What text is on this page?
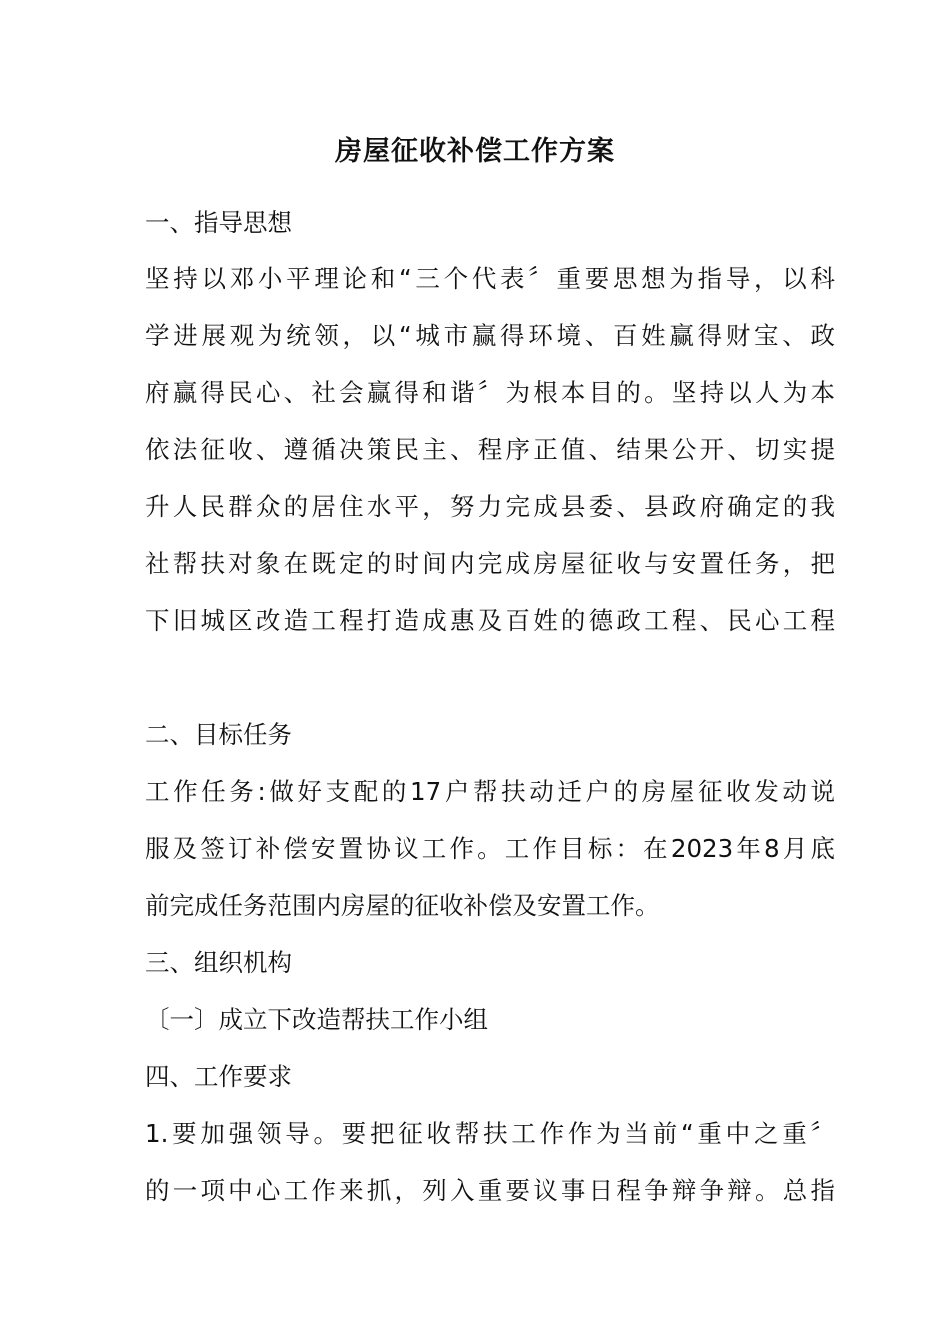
房屋征收补偿工作方案

一、指导思想

坚持以邓小平理论和“三个代表〞重要思想为指导，以科

学进展观为统领，以“城市赢得环境、百姓赢得财宝、政

府赢得民心、社会赢得和谐〞为根本目的。坚持以人为本

依法征收、遵循决策民主、程序正值、结果公开、切实提

升人民群众的居住水平，努力完成县委、县政府确定的我

社帮扶对象在既定的时间内完成房屋征收与安置任务，把

下旧城区改造工程打造成惠及百姓的德政工程、民心工程

二、目标任务

工作任务:做好支配的17户帮扶动迁户的房屋征收发动说

服及签订补偿安置协议工作。工作目标：在2023年8月底

前完成任务范围内房屋的征收补偿及安置工作。

三、组织机构

〔一〕成立下改造帮扶工作小组

四、工作要求

1.要加强领导。要把征收帮扶工作作为当前“重中之重〞

的一项中心工作来抓，列入重要议事日程争辩争辩。总指
